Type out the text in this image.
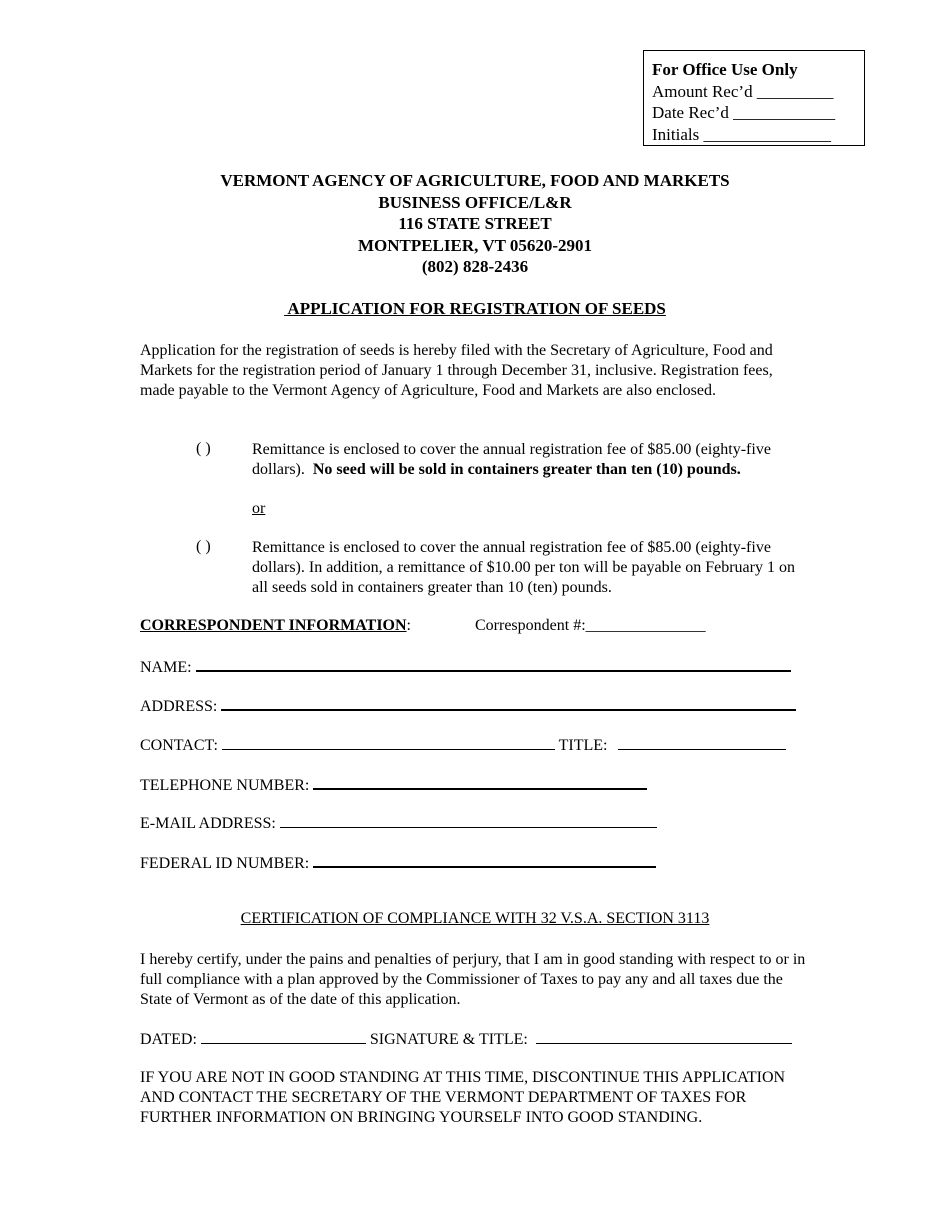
For Office Use Only
Amount Rec’d _________
Date Rec’d ____________
Initials _______________
VERMONT AGENCY OF AGRICULTURE, FOOD AND MARKETS
BUSINESS OFFICE/L&R
116 STATE STREET
MONTPELIER, VT 05620-2901
(802) 828-2436
APPLICATION FOR REGISTRATION OF SEEDS
Application for the registration of seeds is hereby filed with the Secretary of Agriculture, Food and Markets for the registration period of January 1 through December 31, inclusive. Registration fees, made payable to the Vermont Agency of Agriculture, Food and Markets are also enclosed.
( )	Remittance is enclosed to cover the annual registration fee of $85.00 (eighty-five dollars).  No seed will be sold in containers greater than ten (10) pounds.
or
( )	Remittance is enclosed to cover the annual registration fee of $85.00 (eighty-five dollars). In addition, a remittance of $10.00 per ton will be payable on February 1 on all seeds sold in containers greater than 10 (ten) pounds.
CORRESPONDENT INFORMATION:	Correspondent #:_______________
NAME:
ADDRESS:
CONTACT:	TITLE:
TELEPHONE NUMBER:
E-MAIL ADDRESS:
FEDERAL ID NUMBER:
CERTIFICATION OF COMPLIANCE WITH 32 V.S.A. SECTION 3113
I hereby certify, under the pains and penalties of perjury, that I am in good standing with respect to or in full compliance with a plan approved by the Commissioner of Taxes to pay any and all taxes due the State of Vermont as of the date of this application.
DATED:	SIGNATURE & TITLE:
IF YOU ARE NOT IN GOOD STANDING AT THIS TIME, DISCONTINUE THIS APPLICATION AND CONTACT THE SECRETARY OF THE VERMONT DEPARTMENT OF TAXES FOR FURTHER INFORMATION ON BRINGING YOURSELF INTO GOOD STANDING.
